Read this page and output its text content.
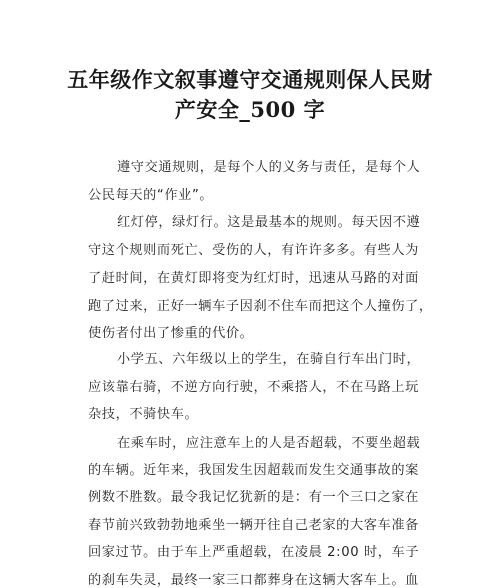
五年级作文叙事遵守交通规则保人民财
产安全_500 字
遵守交通规则，是每个人的义务与责任，是每个人
公民每天的“作业”。
红灯停，绿灯行。这是最基本的规则。每天因不遵
守这个规则而死亡、受伤的人，有许许多多。有些人为
了赶时间，在黄灯即将变为红灯时，迅速从马路的对面
跑了过来，正好一辆车子因刹不住车而把这个人撞伤了，
使伤者付出了惨重的代价。
小学五、六年级以上的学生，在骑自行车出门时，
应该靠右骑，不逆方向行驶，不乘搭人，不在马路上玩
杂技，不骑快车。
在乘车时，应注意车上的人是否超载，不要坐超载
的车辆。近年来，我国发生因超载而发生交通事故的案
例数不胜数。最令我记忆犹新的是：有一个三口之家在
春节前兴致勃勃地乘坐一辆开往自己老家的大客车准备
回家过节。由于车上严重超载，在凌晨 2:00 时，车子
的刹车失灵，最终一家三口都葬身在这辆大客车上。血
